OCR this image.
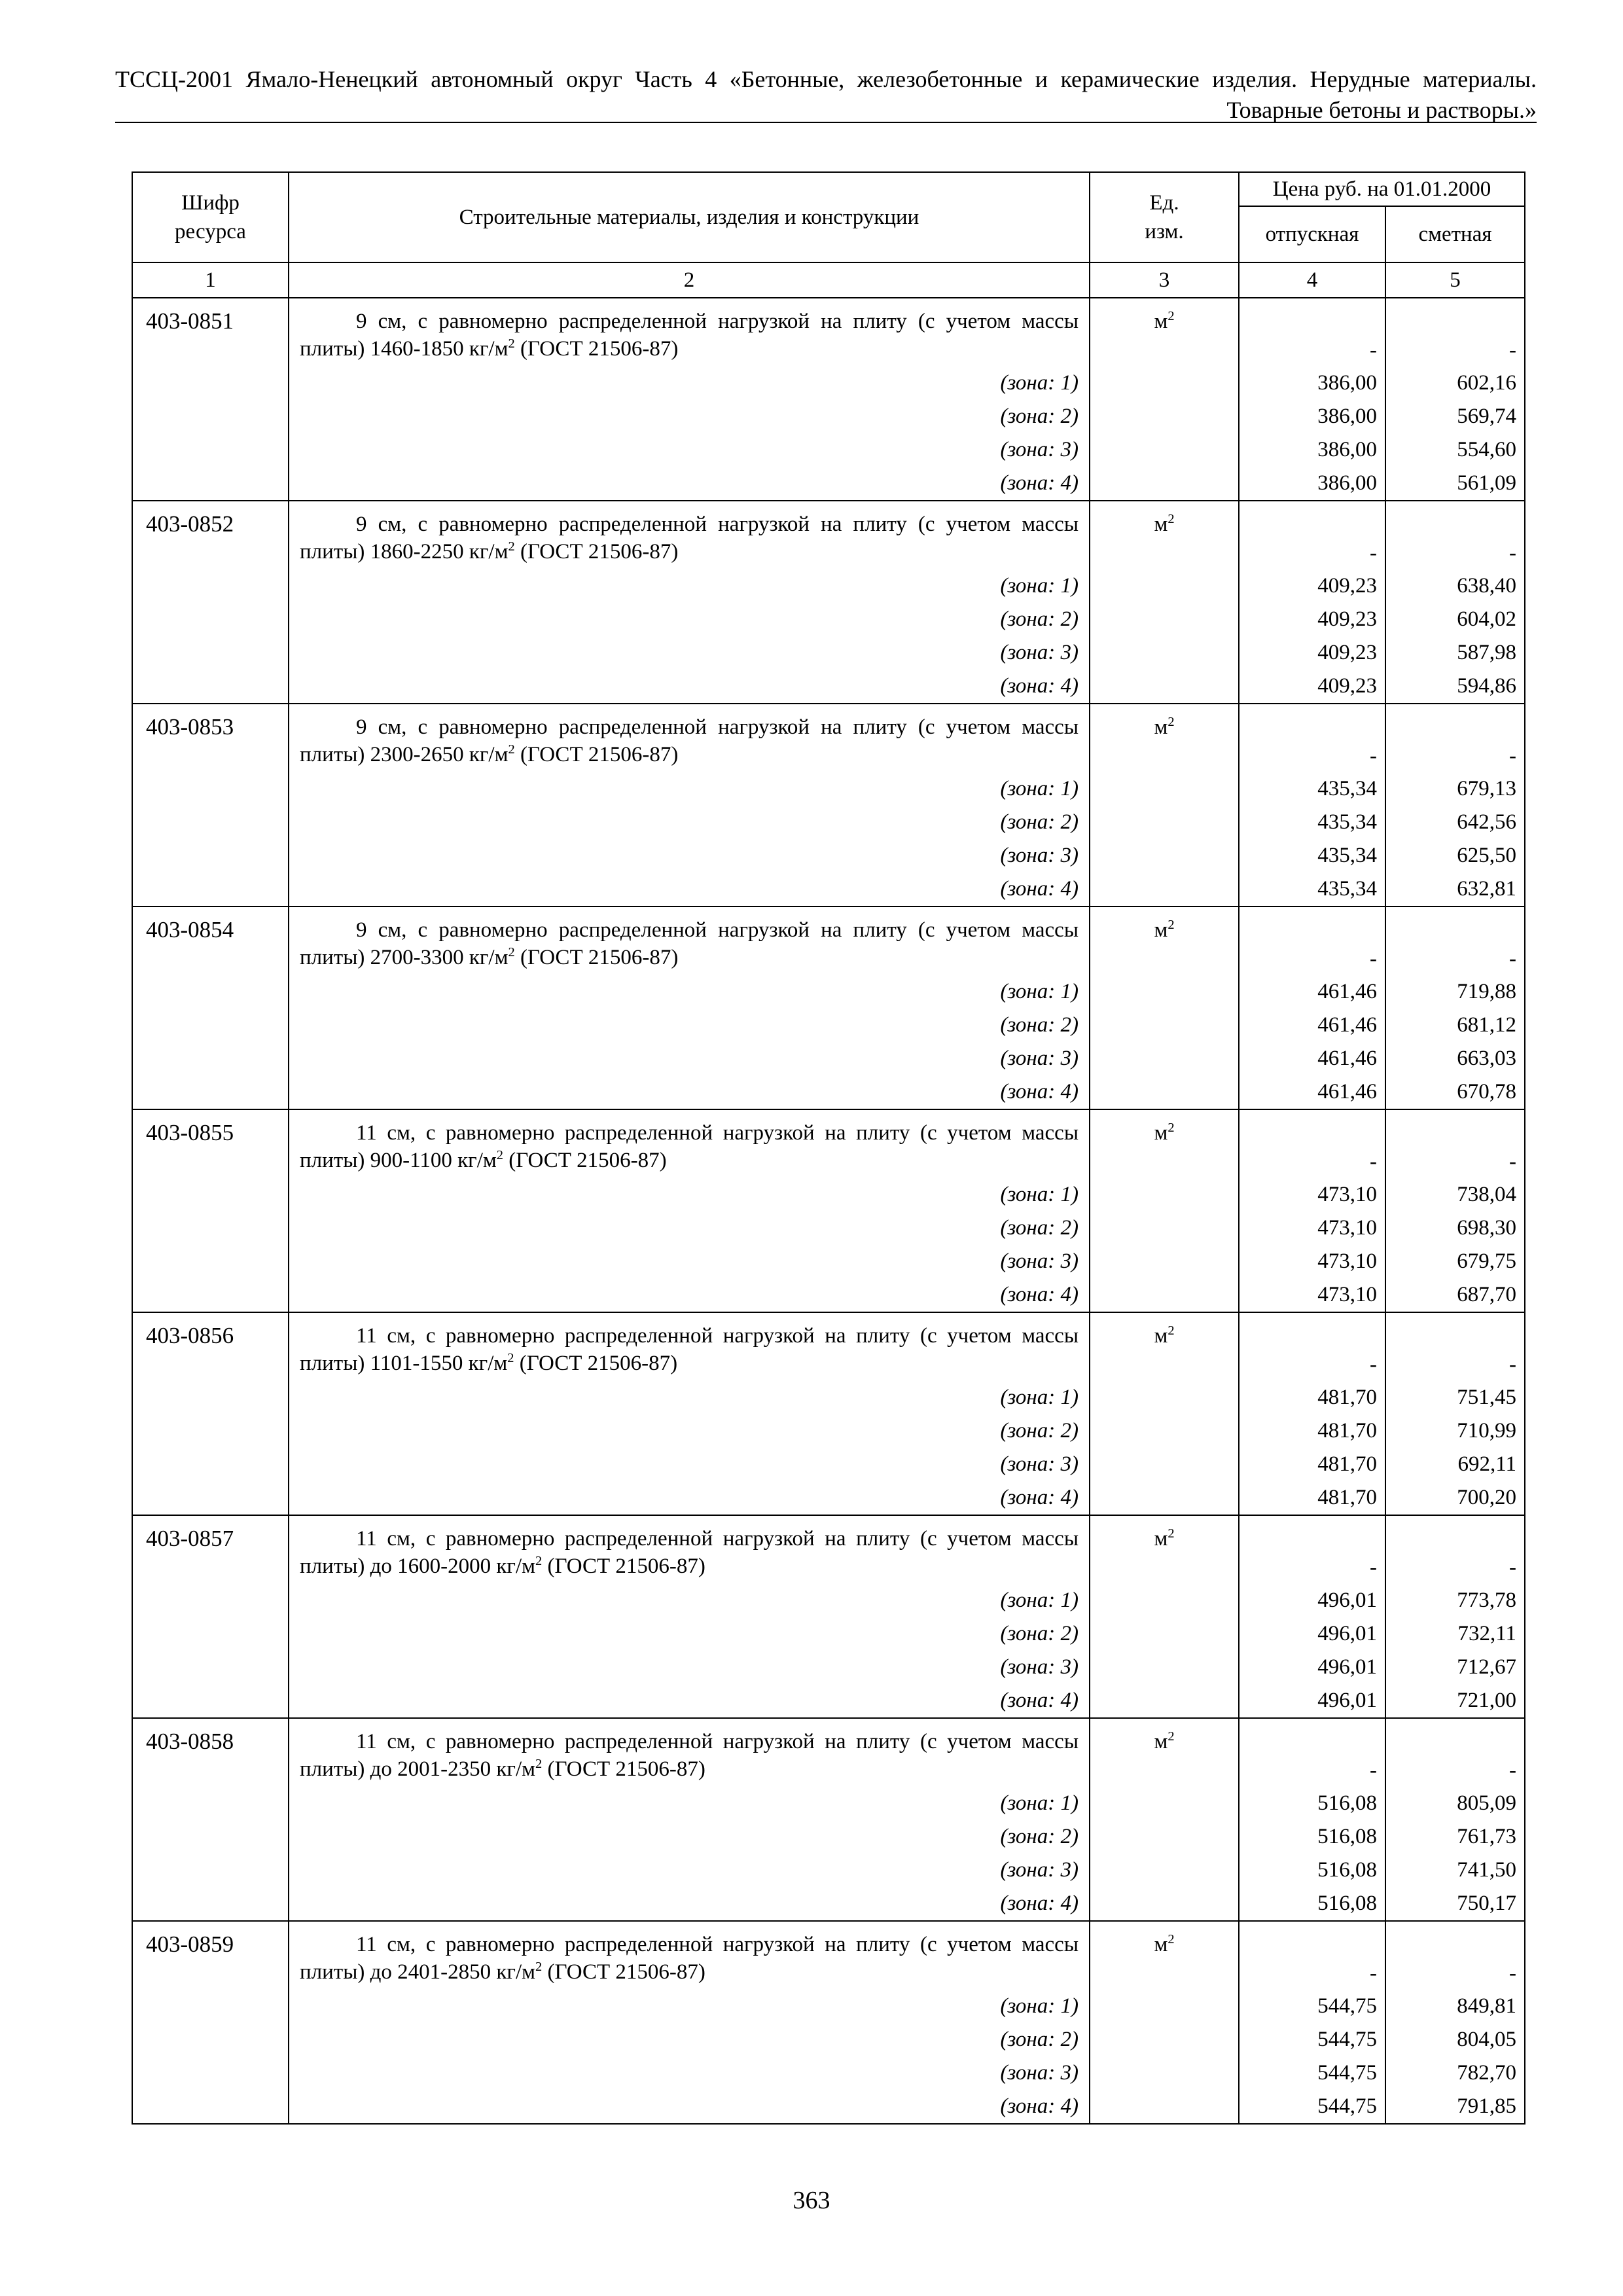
ТССЦ-2001 Ямало-Ненецкий автономный округ Часть 4 «Бетонные, железобетонные и керамические изделия. Нерудные материалы.
Товарные бетоны и растворы.»
Шифр ресурса	Строительные материалы, изделия и конструкции	Ед. изм.	Цена руб. на 01.01.2000	
			отпускная	сметная
1	2	3	4	5
403-0851	9 см, с равномерно распределенной нагрузкой на плиту (с учетом массы плиты) 1460-1850 $кг/м^2$ (ГОСТ 21506-87)	$м^2$	-	-
	(зона: 1)		386,00	602,16
	(зона: 2)		386,00	569,74
	(зона: 3)		386,00	554,60
	(зона: 4)		386,00	561,09
403-0852	9 см, с равномерно распределенной нагрузкой на плиту (с учетом массы плиты) 1860-2250 $кг/м^2$ (ГОСТ 21506-87)	$м^2$	-	-
	(зона: 1)		409,23	638,40
	(зона: 2)		409,23	604,02
	(зона: 3)		409,23	587,98
	(зона: 4)		409,23	594,86
403-0853	9 см, с равномерно распределенной нагрузкой на плиту (с учетом массы плиты) 2300-2650 $кг/м^2$ (ГОСТ 21506-87)	$м^2$	-	-
	(зона: 1)		435,34	679,13
	(зона: 2)		435,34	642,56
	(зона: 3)		435,34	625,50
	(зона: 4)		435,34	632,81
403-0854	9 см, с равномерно распределенной нагрузкой на плиту (с учетом массы плиты) 2700-3300 $кг/м^2$ (ГОСТ 21506-87)	$м^2$	-	-
	(зона: 1)		461,46	719,88
	(зона: 2)		461,46	681,12
	(зона: 3)		461,46	663,03
	(зона: 4)		461,46	670,78
403-0855	11 см, с равномерно распределенной нагрузкой на плиту (с учетом массы плиты) 900-1100 $кг/м^2$ (ГОСТ 21506-87)	$м^2$	-	-
	(зона: 1)		473,10	738,04
	(зона: 2)		473,10	698,30
	(зона: 3)		473,10	679,75
	(зона: 4)		473,10	687,70
403-0856	11 см, с равномерно распределенной нагрузкой на плиту (с учетом массы плиты) 1101-1550 $кг/м^2$ (ГОСТ 21506-87)	$м^2$	-	-
	(зона: 1)		481,70	751,45
	(зона: 2)		481,70	710,99
	(зона: 3)		481,70	692,11
	(зона: 4)		481,70	700,20
403-0857	11 см, с равномерно распределенной нагрузкой на плиту (с учетом массы плиты) до 1600-2000 $кг/м^2$ (ГОСТ 21506-87)	$м^2$	-	-
	(зона: 1)		496,01	773,78
	(зона: 2)		496,01	732,11
	(зона: 3)		496,01	712,67
	(зона: 4)		496,01	721,00
403-0858	11 см, с равномерно распределенной нагрузкой на плиту (с учетом массы плиты) до 2001-2350 $кг/м^2$ (ГОСТ 21506-87)	$м^2$	-	-
	(зона: 1)		516,08	805,09
	(зона: 2)		516,08	761,73
	(зона: 3)		516,08	741,50
	(зона: 4)		516,08	750,17
403-0859	11 см, с равномерно распределенной нагрузкой на плиту (с учетом массы плиты) до 2401-2850 $кг/м^2$ (ГОСТ 21506-87)	$м^2$	-	-
	(зона: 1)		544,75	849,81
	(зона: 2)		544,75	804,05
	(зона: 3)		544,75	782,70
	(зона: 4)		544,75	791,85
363
